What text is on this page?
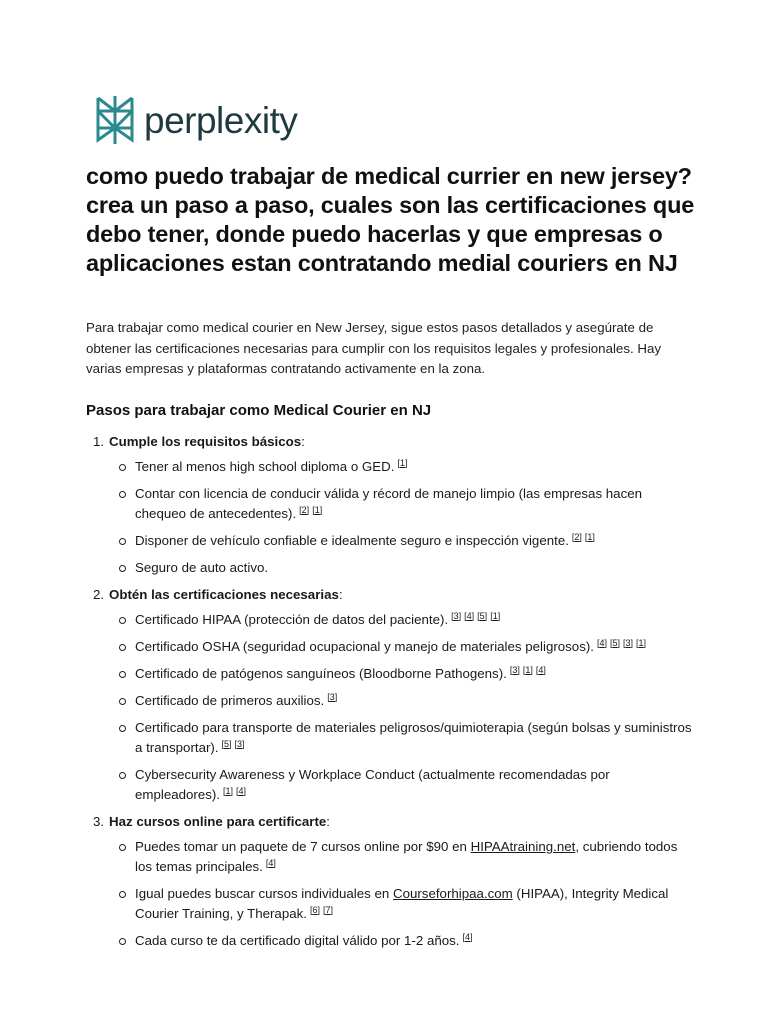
perplexity
como puedo trabajar de medical currier en new jersey? crea un paso a paso, cuales son las certificaciones que debo tener, donde puedo hacerlas y que empresas o aplicaciones estan contratando medial couriers en NJ

Para trabajar como medical courier en New Jersey, sigue estos pasos detallados y asegúrate de obtener las certificaciones necesarias para cumplir con los requisitos legales y profesionales. Hay varias empresas y plataformas contratando activamente en la zona.

Pasos para trabajar como Medical Courier en NJ
1. Cumple los requisitos básicos:
Tener al menos high school diploma o GED. [1]
Contar con licencia de conducir válida y récord de manejo limpio (las empresas hacen chequeo de antecedentes). [2] [1]
Disponer de vehículo confiable e idealmente seguro e inspección vigente. [2] [1]
Seguro de auto activo.
2. Obtén las certificaciones necesarias:
Certificado HIPAA (protección de datos del paciente). [3] [4] [5] [1]
Certificado OSHA (seguridad ocupacional y manejo de materiales peligrosos). [4] [5] [3] [1]
Certificado de patógenos sanguíneos (Bloodborne Pathogens). [3] [1] [4]
Certificado de primeros auxilios. [3]
Certificado para transporte de materiales peligrosos/quimioterapia (según bolsas y suministros a transportar). [5] [3]
Cybersecurity Awareness y Workplace Conduct (actualmente recomendadas por empleadores). [1] [4]
3. Haz cursos online para certificarte:
Puedes tomar un paquete de 7 cursos online por $90 en HIPAAtraining.net, cubriendo todos los temas principales. [4]
Igual puedes buscar cursos individuales en Courseforhipaa.com (HIPAA), Integrity Medical Courier Training, y Therapak. [6] [7]
Cada curso te da certificado digital válido por 1-2 años. [4]
